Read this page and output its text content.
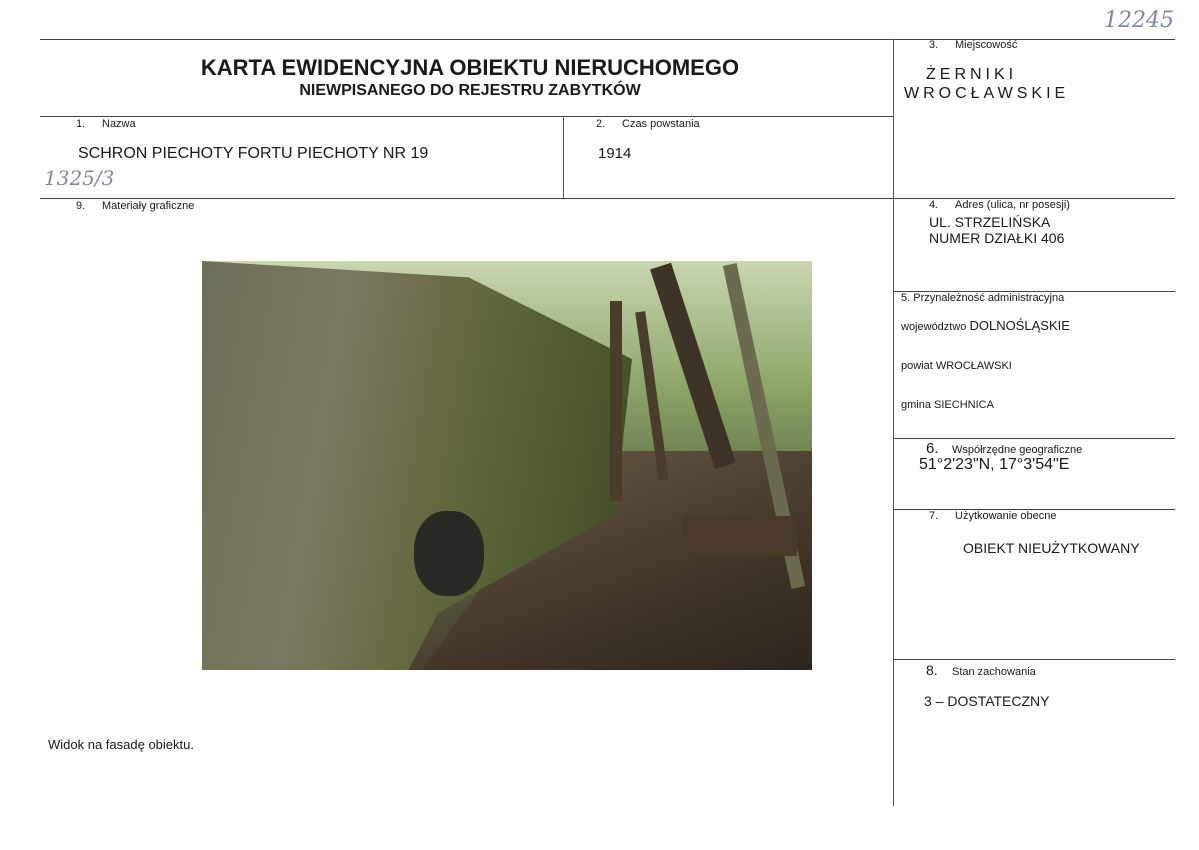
12245
1325/3
KARTA EWIDENCYJNA OBIEKTU NIERUCHOMEGO
NIEWPISANEGO DO REJESTRU ZABYTKÓW
1. Nazwa
SCHRON PIECHOTY FORTU PIECHOTY NR 19
2. Czas powstania
1914
9. Materiały graficzne
Widok na fasadę obiektu.
3. Miejscowość
ŻERNIKI
WROCŁAWSKIE
4. Adres (ulica, nr posesji)
UL. STRZELIŃSKA
NUMER DZIAŁKI 406
5. Przynależność administracyjna
województwo DOLNOŚLĄSKIE
powiat WROCŁAWSKI
gmina SIECHNICA
6. Współrzędne geograficzne
51°2'23"N, 17°3'54"E
7. Użytkowanie obecne
OBIEKT NIEUŻYTKOWANY
8. Stan zachowania
3 – DOSTATECZNY
